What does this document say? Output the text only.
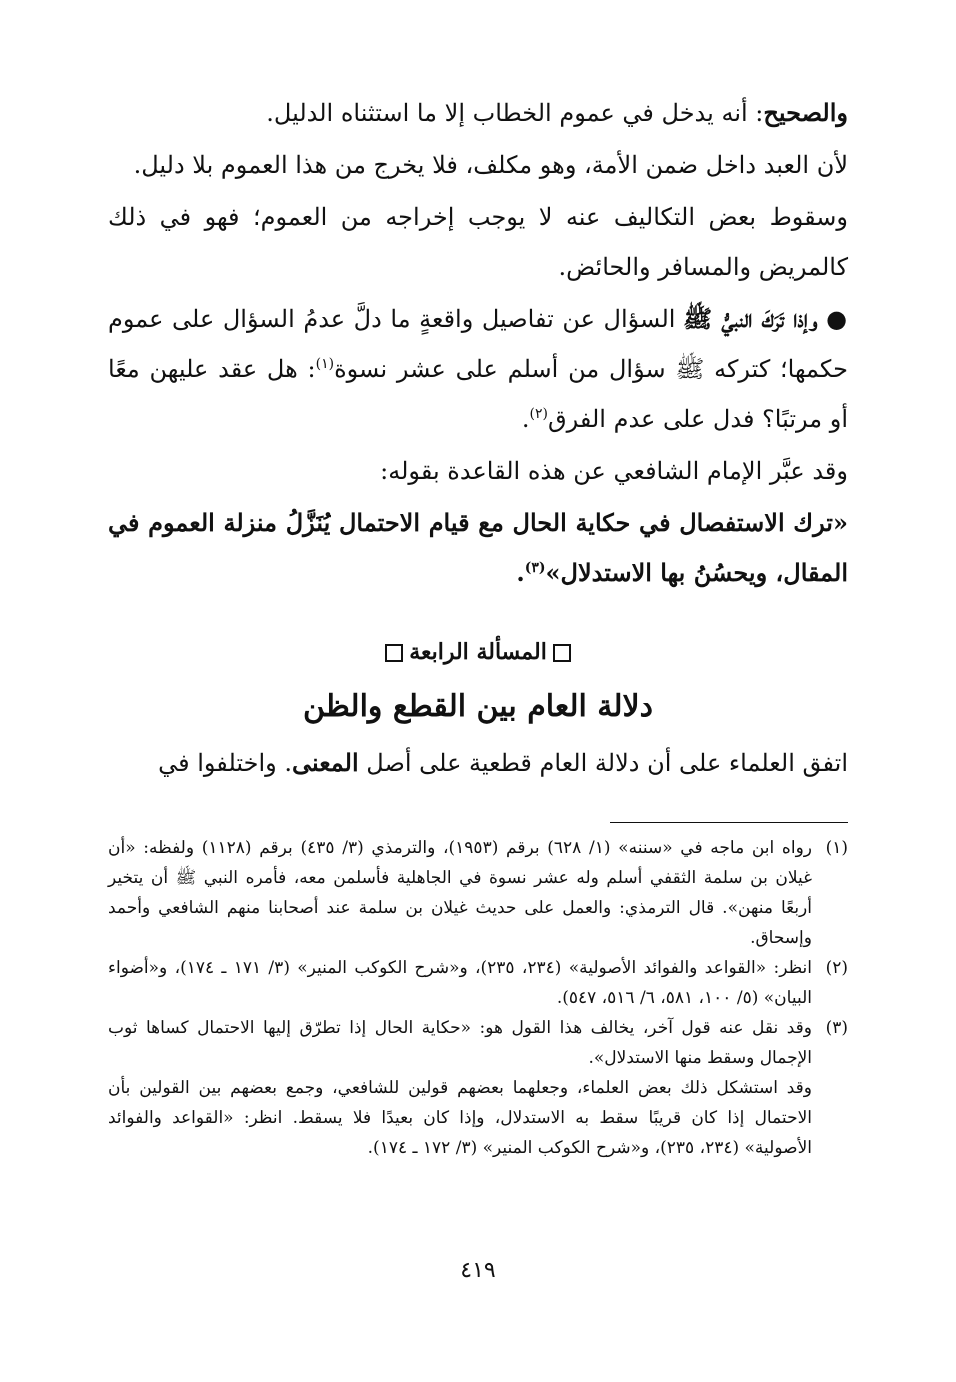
والصحيح: أنه يدخل في عموم الخطاب إلا ما استثناه الدليل.

لأن العبد داخل ضمن الأمة، وهو مكلف، فلا يخرج من هذا العموم بلا دليل.

وسقوط بعض التكاليف عنه لا يوجب إخراجه من العموم؛ فهو في ذلك كالمريض والمسافر والحائض.

● وإذا تَرَكَ النبيُّ ﷺ السؤال عن تفاصيل واقعةٍ ما دلَّ عدمُ السؤال على عموم حكمها؛ كتركه ﷺ سؤال من أسلم على عشر نسوة$^{(١)}$: هل عقد عليهن معًا أو مرتبًا؟ فدل على عدم الفرق$^{(٢)}$.

وقد عبَّر الإمام الشافعي عن هذه القاعدة بقوله:

«ترك الاستفصال في حكاية الحال مع قيام الاحتمال يُنَزَّلُ منزلة العموم في المقال، ويحسُنُ بها الاستدلال»$^{(٣)}$.

المسألة الرابعة
دلالة العام بين القطع والظن

اتفق العلماء على أن دلالة العام قطعية على أصل المعنى. واختلفوا في

(١)

رواه ابن ماجه في «سننه» (١/ ٦٢٨) برقم (١٩٥٣)، والترمذي (٣/ ٤٣٥) برقم (١١٢٨) ولفظه: «أن غيلان بن سلمة الثقفي أسلم وله عشر نسوة في الجاهلية فأسلمن معه، فأمره النبي ﷺ أن يتخير أربعًا منهن». قال الترمذي: والعمل على حديث غيلان بن سلمة عند أصحابنا منهم الشافعي وأحمد وإسحاق.

(٢)

انظر: «القواعد والفوائد الأصولية» (٢٣٤، ٢٣٥)، و«شرح الكوكب المنير» (٣/ ١٧١ ـ ١٧٤)، و«أضواء البيان» (٥/ ١٠٠، ٥٨١، ٦/ ٥١٦، ٥٤٧).

(٣)

وقد نقل عنه قول آخر، يخالف هذا القول هو: «حكاية الحال إذا تطرّق إليها الاحتمال كساها ثوب الإجمال وسقط منها الاستدلال».

وقد استشكل ذلك بعض العلماء، وجعلهما بعضهم قولين للشافعي، وجمع بعضهم بين القولين بأن الاحتمال إذا كان قريبًا سقط به الاستدلال، وإذا كان بعيدًا فلا يسقط. انظر: «القواعد والفوائد الأصولية» (٢٣٤، ٢٣٥)، و«شرح الكوكب المنير» (٣/ ١٧٢ ـ ١٧٤).

٤١٩
